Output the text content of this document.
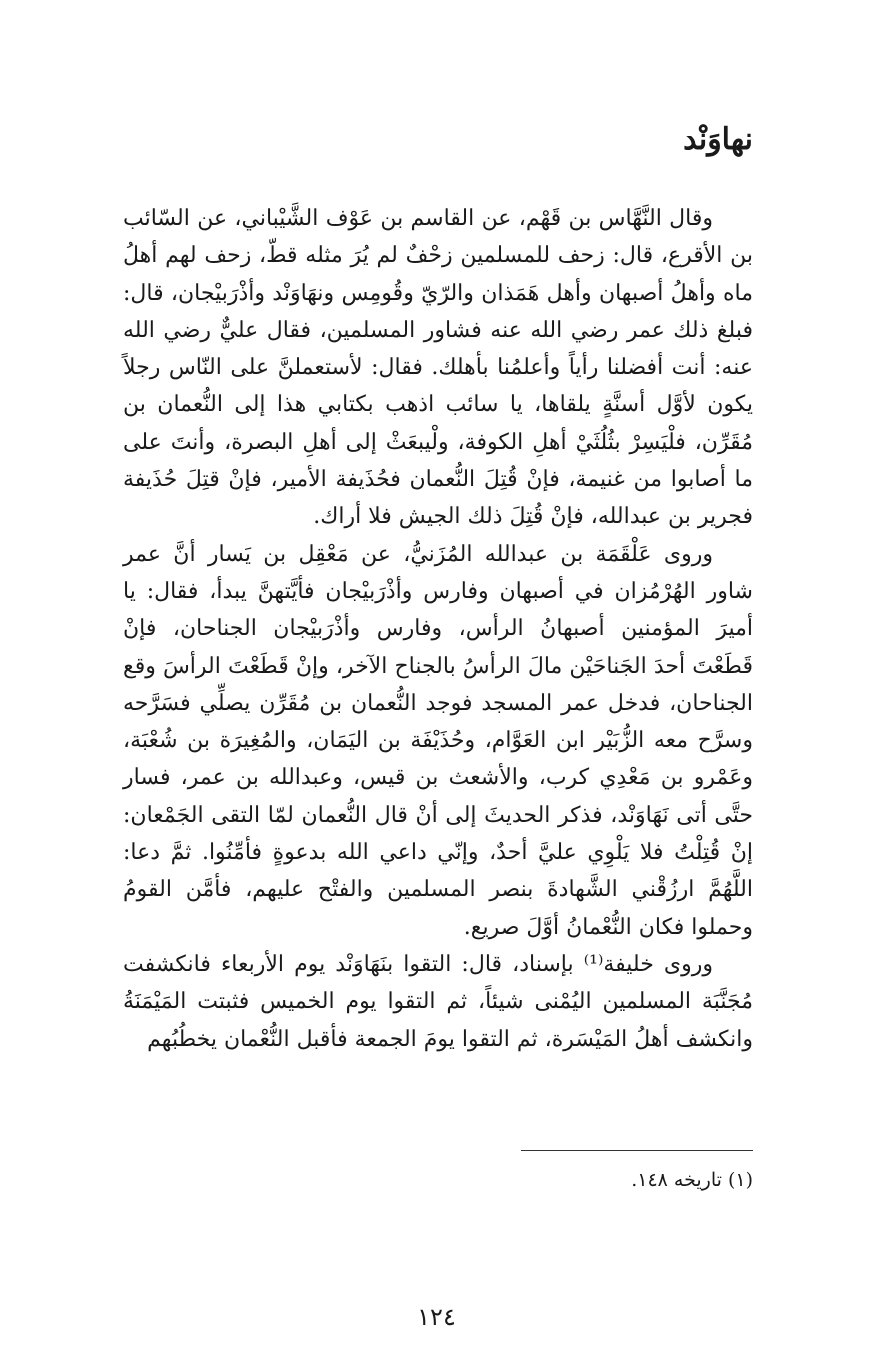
نهاوَنْد

وقال النَّهَّاس بن قَهْم، عن القاسم بن عَوْف الشَّيْباني، عن السّائب بن الأقرع، قال: زحف للمسلمين زحْفٌ لم يُرَ مثله قطّ، زحف لهم أهلُ ماه وأهلُ أصبهان وأهل هَمَذان والرّيّ وقُومِس ونهَاوَنْد وأذْرَبيْجان، قال: فبلغ ذلك عمر رضي الله عنه فشاور المسلمين، فقال عليٌّ رضي الله عنه: أنت أفضلنا رأياً وأعلمُنا بأهلك. فقال: لأستعملنَّ على النّاس رجلاً يكون لأوَّل أسنَّةٍ يلقاها، يا سائب اذهب بكتابي هذا إلى النُّعمان بن مُقَرِّن، فلْيَسِرْ بثُلُثَيْ أهلِ الكوفة، ولْيبعَثْ إلى أهلِ البصرة، وأنتَ على ما أصابوا من غنيمة، فإنْ قُتِلَ النُّعمان فحُذَيفة الأمير، فإنْ قتِلَ حُذَيفة فجرير بن عبدالله، فإنْ قُتِلَ ذلك الجيش فلا أراك.

وروى عَلْقَمَة بن عبدالله المُزَنيُّ، عن مَعْقِل بن يَسار أنَّ عمر شاور الهُرْمُزان في أصبهان وفارس وأذْرَبيْجان فأيَّتهنَّ يبدأ، فقال: يا أميرَ المؤمنين أصبهانُ الرأس، وفارس وأذْرَبيْجان الجناحان، فإنْ قَطَعْتَ أحدَ الجَناحَيْن مالَ الرأسُ بالجناح الآخر، وإنْ قَطَعْتَ الرأسَ وقع الجناحان، فدخل عمر المسجد فوجد النُّعمان بن مُقَرِّن يصلِّي فسَرَّحه وسرَّح معه الزُّبَيْر ابن العَوَّام، وحُذَيْفَة بن اليَمَان، والمُغِيرَة بن شُعْبَة، وعَمْرو بن مَعْدِي كرب، والأشعث بن قيس، وعبدالله بن عمر، فسار حتَّى أتى نَهَاوَنْد، فذكر الحديثَ إلى أنْ قال النُّعمان لمّا التقى الجَمْعان: إنْ قُتِلْتُ فلا يَلْوِي عليَّ أحدٌ، وإنّي داعي الله بدعوةٍ فأمِّنُوا. ثمَّ دعا: اللَّهُمَّ ارزُقْني الشَّهادةَ بنصر المسلمين والفتْح عليهم، فأمَّن القومُ وحملوا فكان النُّعْمانُ أوَّلَ صريع.

وروى خليفة⁽¹⁾ بإسناد، قال: التقوا بنَهَاوَنْد يوم الأربعاء فانكشفت مُجَنَّبَة المسلمين اليُمْنى شيئاً، ثم التقوا يوم الخميس فثبتت المَيْمَنَةُ وانكشف أهلُ المَيْسَرة، ثم التقوا يومَ الجمعة فأقبل النُّعْمان يخطُبُهم

(١) تاريخه ١٤٨.

١٢٤
